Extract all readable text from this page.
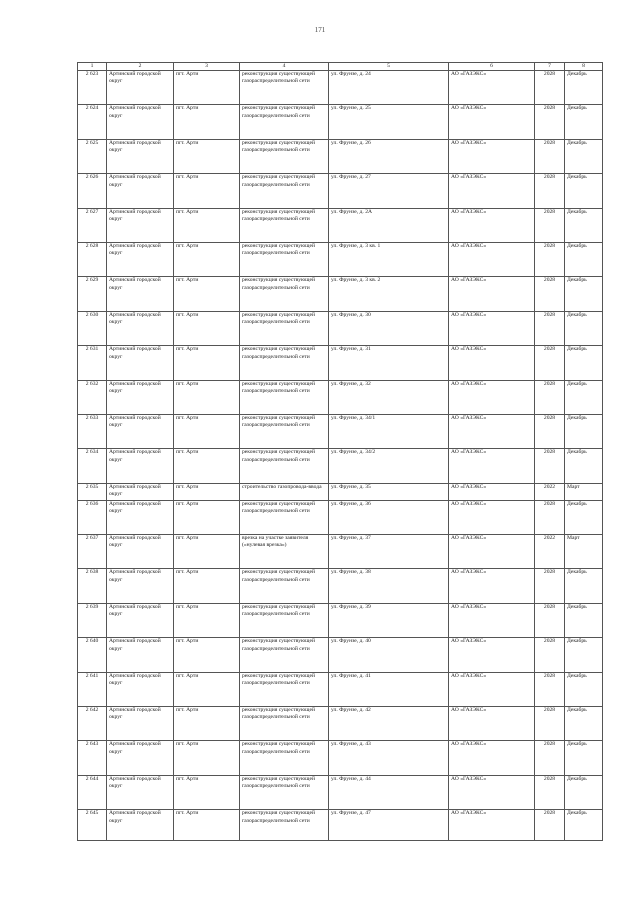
171
1	2	3	4	5	6	7	8
2 623	Артинский городской округ	пгт. Арти	реконструкция существующей газораспределительной сети	ул. Фрунзе, д. 24	АО «ГАЗЭКС»	2028	Декабрь
2 624	Артинский городской округ	пгт. Арти	реконструкция существующей газораспределительной сети	ул. Фрунзе, д. 25	АО «ГАЗЭКС»	2028	Декабрь
2 625	Артинский городской округ	пгт. Арти	реконструкция существующей газораспределительной сети	ул. Фрунзе, д. 26	АО «ГАЗЭКС»	2028	Декабрь
2 626	Артинский городской округ	пгт. Арти	реконструкция существующей газораспределительной сети	ул. Фрунзе, д. 27	АО «ГАЗЭКС»	2028	Декабрь
2 627	Артинский городской округ	пгт. Арти	реконструкция существующей газораспределительной сети	ул. Фрунзе, д. 2А	АО «ГАЗЭКС»	2028	Декабрь
2 628	Артинский городской округ	пгт. Арти	реконструкция существующей газораспределительной сети	ул. Фрунзе, д. 3 кв. 1	АО «ГАЗЭКС»	2028	Декабрь
2 629	Артинский городской округ	пгт. Арти	реконструкция существующей газораспределительной сети	ул. Фрунзе, д. 3 кв. 2	АО «ГАЗЭКС»	2028	Декабрь
2 630	Артинский городской округ	пгт. Арти	реконструкция существующей газораспределительной сети	ул. Фрунзе, д. 30	АО «ГАЗЭКС»	2028	Декабрь
2 631	Артинский городской округ	пгт. Арти	реконструкция существующей газораспределительной сети	ул. Фрунзе, д. 31	АО «ГАЗЭКС»	2028	Декабрь
2 632	Артинский городской округ	пгт. Арти	реконструкция существующей газораспределительной сети	ул. Фрунзе, д. 32	АО «ГАЗЭКС»	2028	Декабрь
2 633	Артинский городской округ	пгт. Арти	реконструкция существующей газораспределительной сети	ул. Фрунзе, д. 34/1	АО «ГАЗЭКС»	2028	Декабрь
2 634	Артинский городской округ	пгт. Арти	реконструкция существующей газораспределительной сети	ул. Фрунзе, д. 34/2	АО «ГАЗЭКС»	2028	Декабрь
2 635	Артинский городской округ	пгт. Арти	строительство газопровода-ввода	ул. Фрунзе, д. 35	АО «ГАЗЭКС»	2022	Март
2 636	Артинский городской округ	пгт. Арти	реконструкция существующей газораспределительной сети	ул. Фрунзе, д. 36	АО «ГАЗЭКС»	2028	Декабрь
2 637	Артинский городской округ	пгт. Арти	врезка на участке заявителя («нулевая врезка»)	ул. Фрунзе, д. 37	АО «ГАЗЭКС»	2022	Март
2 638	Артинский городской округ	пгт. Арти	реконструкция существующей газораспределительной сети	ул. Фрунзе, д. 38	АО «ГАЗЭКС»	2028	Декабрь
2 639	Артинский городской округ	пгт. Арти	реконструкция существующей газораспределительной сети	ул. Фрунзе, д. 39	АО «ГАЗЭКС»	2028	Декабрь
2 640	Артинский городской округ	пгт. Арти	реконструкция существующей газораспределительной сети	ул. Фрунзе, д. 40	АО «ГАЗЭКС»	2028	Декабрь
2 641	Артинский городской округ	пгт. Арти	реконструкция существующей газораспределительной сети	ул. Фрунзе, д. 41	АО «ГАЗЭКС»	2028	Декабрь
2 642	Артинский городской округ	пгт. Арти	реконструкция существующей газораспределительной сети	ул. Фрунзе, д. 42	АО «ГАЗЭКС»	2028	Декабрь
2 643	Артинский городской округ	пгт. Арти	реконструкция существующей газораспределительной сети	ул. Фрунзе, д. 43	АО «ГАЗЭКС»	2028	Декабрь
2 644	Артинский городской округ	пгт. Арти	реконструкция существующей газораспределительной сети	ул. Фрунзе, д. 44	АО «ГАЗЭКС»	2028	Декабрь
2 645	Артинский городской округ	пгт. Арти	реконструкция существующей газораспределительной сети	ул. Фрунзе, д. 47	АО «ГАЗЭКС»	2028	Декабрь
